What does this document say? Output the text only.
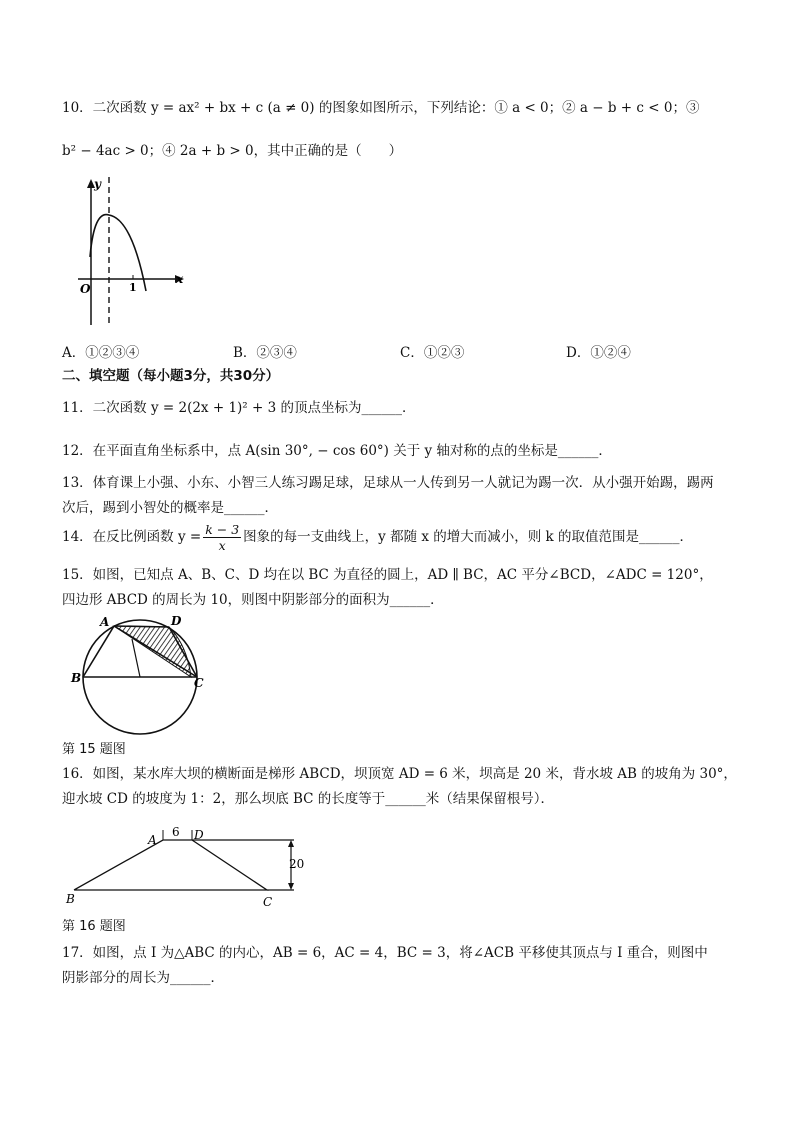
10．二次函数 y = ax² + bx + c (a ≠ 0) 的图象如图所示，下列结论：① a < 0；② a − b + c < 0；③
b² − 4ac > 0；④ 2a + b > 0，其中正确的是（　　）
y
x
O	1
A．①②③④	B．②③④	C．①②③	D．①②④
二、填空题（每小题3分，共30分）
11．二次函数 y = 2(2x + 1)² + 3 的顶点坐标为______．
12．在平面直角坐标系中，点 A(sin 30°, − cos 60°) 关于 y 轴对称的点的坐标是______．
13．体育课上小强、小东、小智三人练习踢足球，足球从一人传到另一人就记为踢一次．从小强开始踢，踢两
次后，踢到小智处的概率是______．
14．在反比例函数 $y = \frac{k - 3}{x}$ 图象的每一支曲线上，y 都随 x 的增大而减小，则 k 的取值范围是______．
15．如图，已知点 A、B、C、D 均在以 BC 为直径的圆上，AD ∥ BC，AC 平分∠BCD，∠ADC = 120°，
四边形 ABCD 的周长为 10，则图中阴影部分的面积为______．
A	D
B	C
第 15 题图
16．如图，某水库大坝的横断面是梯形 ABCD，坝顶宽 AD = 6 米，坝高是 20 米，背水坡 AB 的坡角为 30°，
迎水坡 CD 的坡度为 1：2，那么坝底 BC 的长度等于______米（结果保留根号）．
6
20
A	D
B	C
第 16 题图
17．如图，点 I 为△ABC 的内心，AB = 6，AC = 4，BC = 3，将∠ACB 平移使其顶点与 I 重合，则图中
阴影部分的周长为______．
